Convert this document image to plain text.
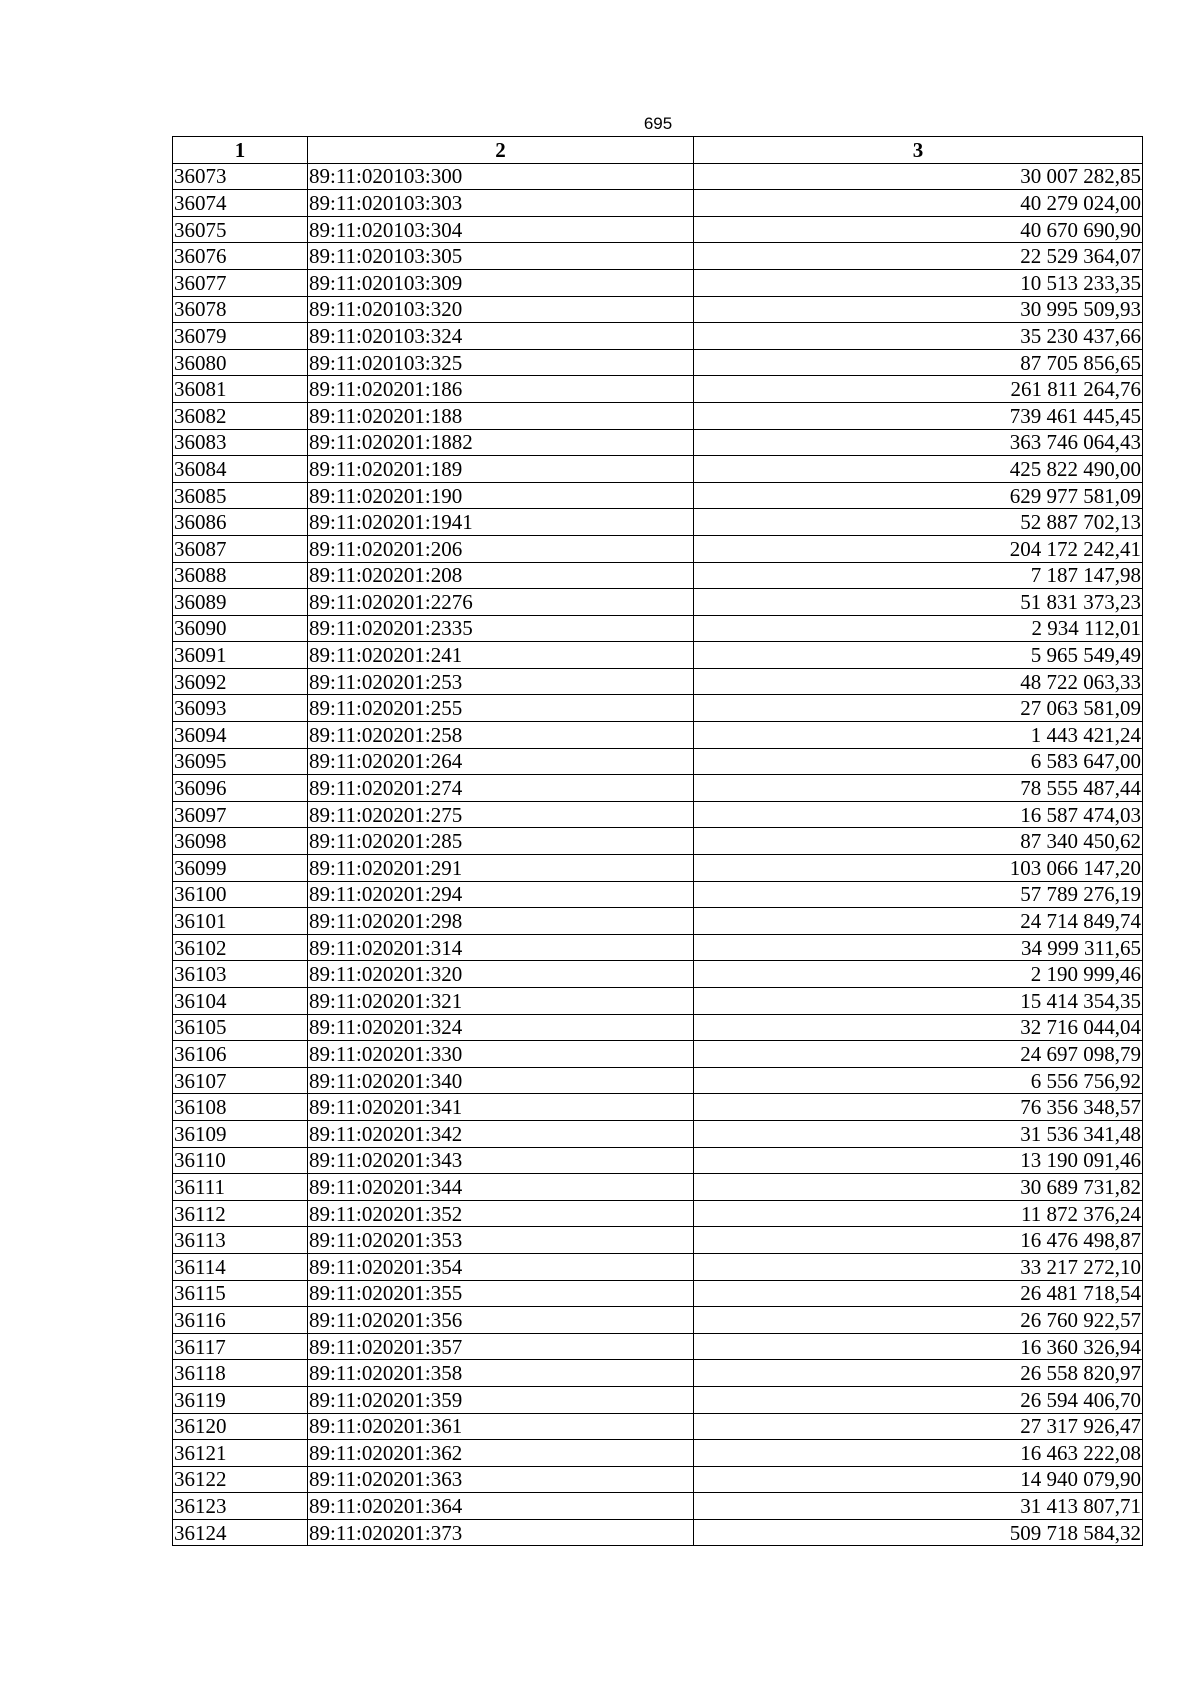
695
1	2	3
36073	89:11:020103:300	30 007 282,85
36074	89:11:020103:303	40 279 024,00
36075	89:11:020103:304	40 670 690,90
36076	89:11:020103:305	22 529 364,07
36077	89:11:020103:309	10 513 233,35
36078	89:11:020103:320	30 995 509,93
36079	89:11:020103:324	35 230 437,66
36080	89:11:020103:325	87 705 856,65
36081	89:11:020201:186	261 811 264,76
36082	89:11:020201:188	739 461 445,45
36083	89:11:020201:1882	363 746 064,43
36084	89:11:020201:189	425 822 490,00
36085	89:11:020201:190	629 977 581,09
36086	89:11:020201:1941	52 887 702,13
36087	89:11:020201:206	204 172 242,41
36088	89:11:020201:208	7 187 147,98
36089	89:11:020201:2276	51 831 373,23
36090	89:11:020201:2335	2 934 112,01
36091	89:11:020201:241	5 965 549,49
36092	89:11:020201:253	48 722 063,33
36093	89:11:020201:255	27 063 581,09
36094	89:11:020201:258	1 443 421,24
36095	89:11:020201:264	6 583 647,00
36096	89:11:020201:274	78 555 487,44
36097	89:11:020201:275	16 587 474,03
36098	89:11:020201:285	87 340 450,62
36099	89:11:020201:291	103 066 147,20
36100	89:11:020201:294	57 789 276,19
36101	89:11:020201:298	24 714 849,74
36102	89:11:020201:314	34 999 311,65
36103	89:11:020201:320	2 190 999,46
36104	89:11:020201:321	15 414 354,35
36105	89:11:020201:324	32 716 044,04
36106	89:11:020201:330	24 697 098,79
36107	89:11:020201:340	6 556 756,92
36108	89:11:020201:341	76 356 348,57
36109	89:11:020201:342	31 536 341,48
36110	89:11:020201:343	13 190 091,46
36111	89:11:020201:344	30 689 731,82
36112	89:11:020201:352	11 872 376,24
36113	89:11:020201:353	16 476 498,87
36114	89:11:020201:354	33 217 272,10
36115	89:11:020201:355	26 481 718,54
36116	89:11:020201:356	26 760 922,57
36117	89:11:020201:357	16 360 326,94
36118	89:11:020201:358	26 558 820,97
36119	89:11:020201:359	26 594 406,70
36120	89:11:020201:361	27 317 926,47
36121	89:11:020201:362	16 463 222,08
36122	89:11:020201:363	14 940 079,90
36123	89:11:020201:364	31 413 807,71
36124	89:11:020201:373	509 718 584,32
